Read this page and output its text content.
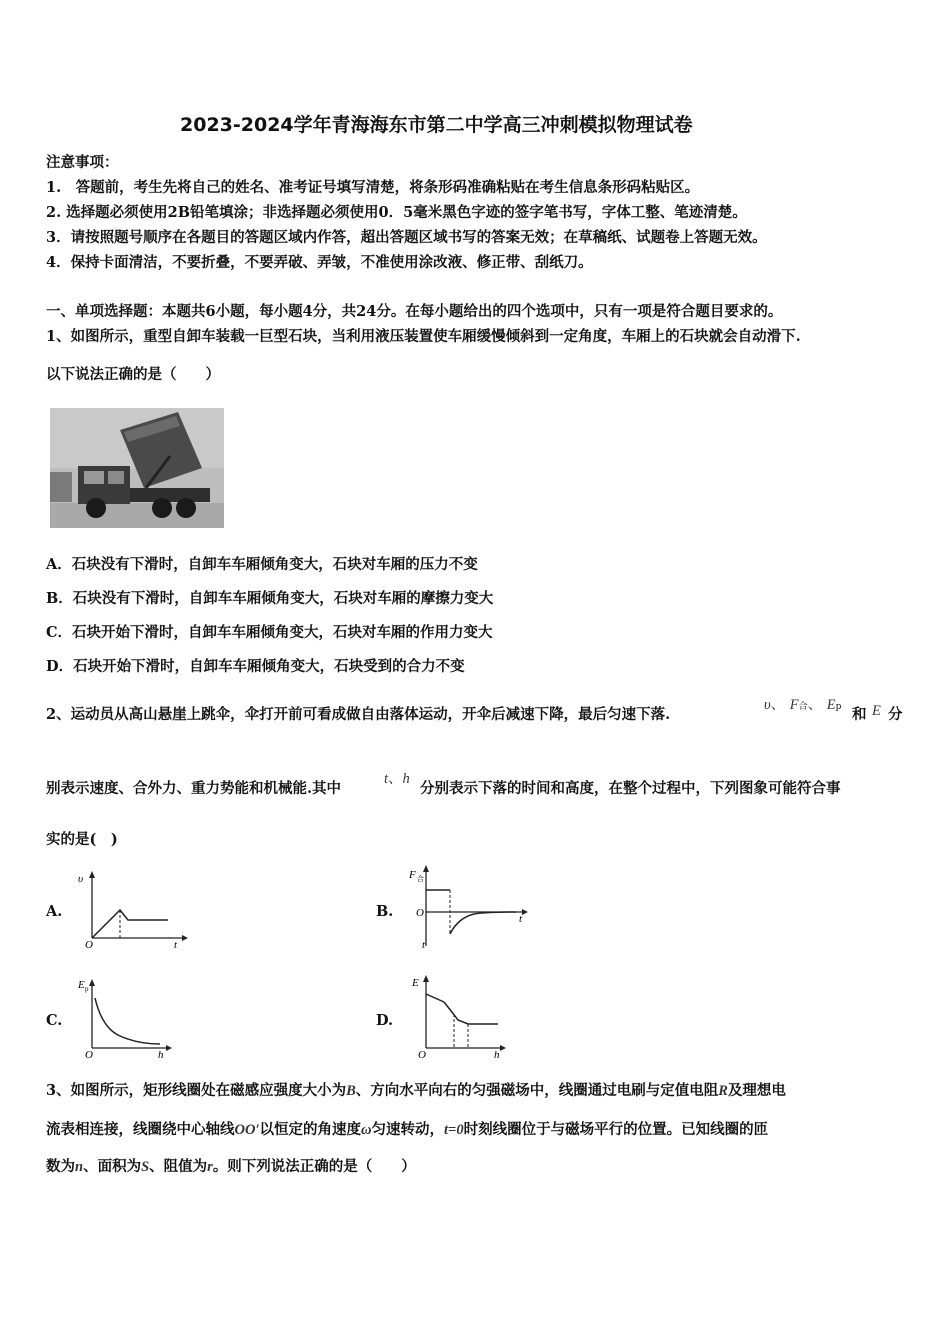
2023-2024学年青海海东市第二中学高三冲刺模拟物理试卷
注意事项：
1.　答题前，考生先将自己的姓名、准考证号填写清楚，将条形码准确粘贴在考生信息条形码粘贴区。
2. 选择题必须使用2B铅笔填涂；非选择题必须使用0．5毫米黑色字迹的签字笔书写，字体工整、笔迹清楚。
3．请按照题号顺序在各题目的答题区域内作答，超出答题区域书写的答案无效；在草稿纸、试题卷上答题无效。
4．保持卡面清洁，不要折叠，不要弄破、弄皱，不准使用涂改液、修正带、刮纸刀。
一、单项选择题：本题共6小题，每小题4分，共24分。在每小题给出的四个选项中，只有一项是符合题目要求的。
1、如图所示，重型自卸车装载一巨型石块，当利用液压装置使车厢缓慢倾斜到一定角度，车厢上的石块就会自动滑下.
以下说法正确的是（　　）
A．石块没有下滑时，自卸车车厢倾角变大，石块对车厢的压力不变
B．石块没有下滑时，自卸车车厢倾角变大，石块对车厢的摩擦力变大
C．石块开始下滑时，自卸车车厢倾角变大，石块对车厢的作用力变大
D．石块开始下滑时，自卸车车厢倾角变大，石块受到的合力不变
2、运动员从高山悬崖上跳伞，伞打开前可看成做自由落体运动，开伞后减速下降，最后匀速下落.
υ、 F合、 Ep 和 E 分
别表示速度、合外力、重力势能和机械能.其中
t、h
分别表示下落的时间和高度，在整个过程中，下列图象可能符合事
实的是(　)
A.
υ
O	t
B.
F 合
O	t
t
C.
E p
O	h
D.
E
O	h
3、如图所示，矩形线圈处在磁感应强度大小为B、方向水平向右的匀强磁场中，线圈通过电刷与定值电阻R及理想电
流表相连接，线圈绕中心轴线OO′以恒定的角速度ω匀速转动，t=0时刻线圈位于与磁场平行的位置。已知线圈的匝
数为n、面积为S、阻值为r。则下列说法正确的是（　　）
